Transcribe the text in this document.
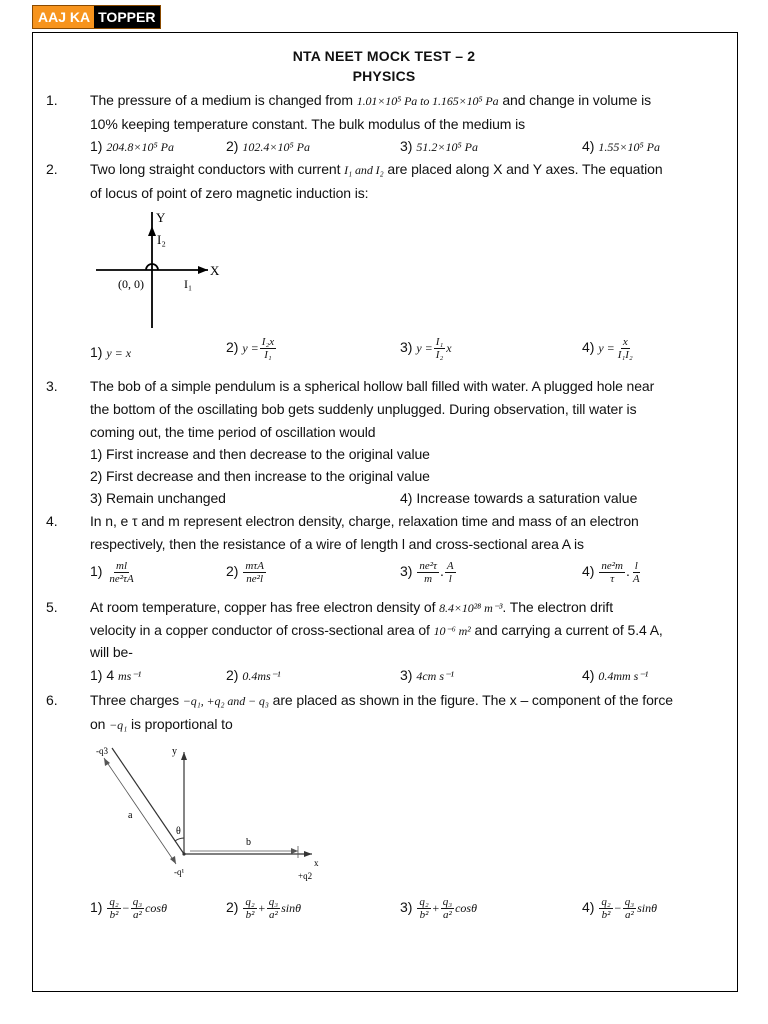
AAJ KA TOPPER
NTA NEET MOCK TEST – 2
PHYSICS
1. The pressure of a medium is changed from 1.01×10⁵ Pa to 1.165×10⁵ Pa and change in volume is
10% keeping temperature constant. The bulk modulus of the medium is
1) 204.8×10⁵ Pa	2) 102.4×10⁵ Pa	3) 51.2×10⁵ Pa	4) 1.55×10⁵ Pa
2. Two long straight conductors with current I₁ and I₂ are placed along X and Y axes. The equation
of locus of point of zero magnetic induction is:
Y
I₂
X
(0, 0)	I₁
1) y = x	2) $y = \frac{\text{I₂x}}{\text{I₁}}$	3) $y = \frac{\text{I₁}}{\text{I₂}}$ x	4) $y = \frac{x}{\text{I₁I₂}}$
3. The bob of a simple pendulum is a spherical hollow ball filled with water. A plugged hole near
the bottom of the oscillating bob gets suddenly unplugged. During observation, till water is
coming out, the time period of oscillation would
1) First increase and then decrease to the original value
2) First decrease and then increase to the original value
3) Remain unchanged	4) Increase towards a saturation value
4. In n, e τ and m represent electron density, charge, relaxation time and mass of an electron
respectively, then the resistance of a wire of length l and cross-sectional area A is
$1) \frac{ml}{\text{ne²τA}}$	$2) \frac{\text{mτA}}{\text{ne²l}}$	$3) \frac{\text{ne²τ}}{m}$ . $\frac{A}{l}$	$4) \frac{\text{ne²m}}{\tau}$ . $\frac{l}{A}$
5. At room temperature, copper has free electron density of 8.4×10²⁸ m⁻³. The electron drift
velocity in a copper conductor of cross-sectional area of 10⁻⁶ m² and carrying a current of 5.4 A,
will be-
1) 4 ms⁻¹	2) 0.4ms⁻¹	3) 4cm s⁻¹	4) 0.4mm s⁻¹
6. Three charges −q₁, +q₂ and − q₃ are placed as shown in the figure. The x – component of the force
on −q₁ is proportional to
-q3	y
a
θ
b
-q¹
x
+q2
$1) \frac{\text{q₂}}{\text{b²}} - \frac{\text{q₃}}{\text{a²}}$ cosθ	$2) \frac{\text{q₂}}{\text{b²}} + \frac{\text{q₃}}{\text{a²}}$ sinθ	$3) \frac{\text{q₂}}{\text{b²}} + \frac{\text{q₃}}{\text{a²}}$ cosθ	$4) \frac{\text{q₂}}{\text{b²}} - \frac{\text{q₃}}{\text{a²}}$ sinθ
